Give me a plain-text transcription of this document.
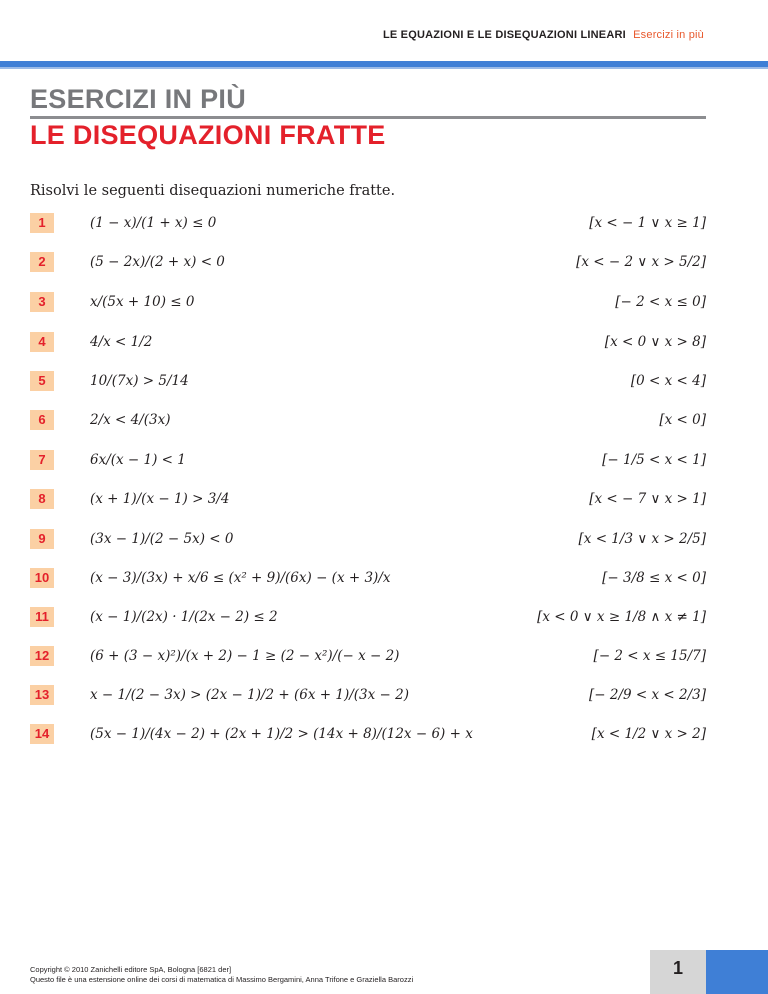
LE EQUAZIONI E LE DISEQUAZIONI LINEARI Esercizi in più
ESERCIZI IN PIÙ
LE DISEQUAZIONI FRATTE
Risolvi le seguenti disequazioni numeriche fratte.
1	(1 − x)/(1 + x) ≤ 0	[x < − 1 ∨ x ≥ 1]
2	(5 − 2x)/(2 + x) < 0	[x < − 2 ∨ x > 5/2]
3	x/(5x + 10) ≤ 0	[− 2 < x ≤ 0]
4	4/x < 1/2	[x < 0 ∨ x > 8]
5	10/(7x) > 5/14	[0 < x < 4]
6	2/x < 4/(3x)	[x < 0]
7	6x/(x − 1) < 1	[− 1/5 < x < 1]
8	(x + 1)/(x − 1) > 3/4	[x < − 7 ∨ x > 1]
9	(3x − 1)/(2 − 5x) < 0	[x < 1/3 ∨ x > 2/5]
10	(x − 3)/(3x) + x/6 ≤ (x² + 9)/(6x) − (x + 3)/x	[− 3/8 ≤ x < 0]
11	(x − 1)/(2x) · 1/(2x − 2) ≤ 2	[x < 0 ∨ x ≥ 1/8 ∧ x ≠ 1]
12	(6 + (3 − x)²)/(x + 2) − 1 ≥ (2 − x²)/(− x − 2)	[− 2 < x ≤ 15/7]
13	x − 1/(2 − 3x) > (2x − 1)/2 + (6x + 1)/(3x − 2)	[− 2/9 < x < 2/3]
14	(5x − 1)/(4x − 2) + (2x + 1)/2 > (14x + 8)/(12x − 6) + x	[x < 1/2 ∨ x > 2]
Copyright © 2010 Zanichelli editore SpA, Bologna [6821 der]
Questo file è una estensione online dei corsi di matematica di Massimo Bergamini, Anna Trifone e Graziella Barozzi
1
